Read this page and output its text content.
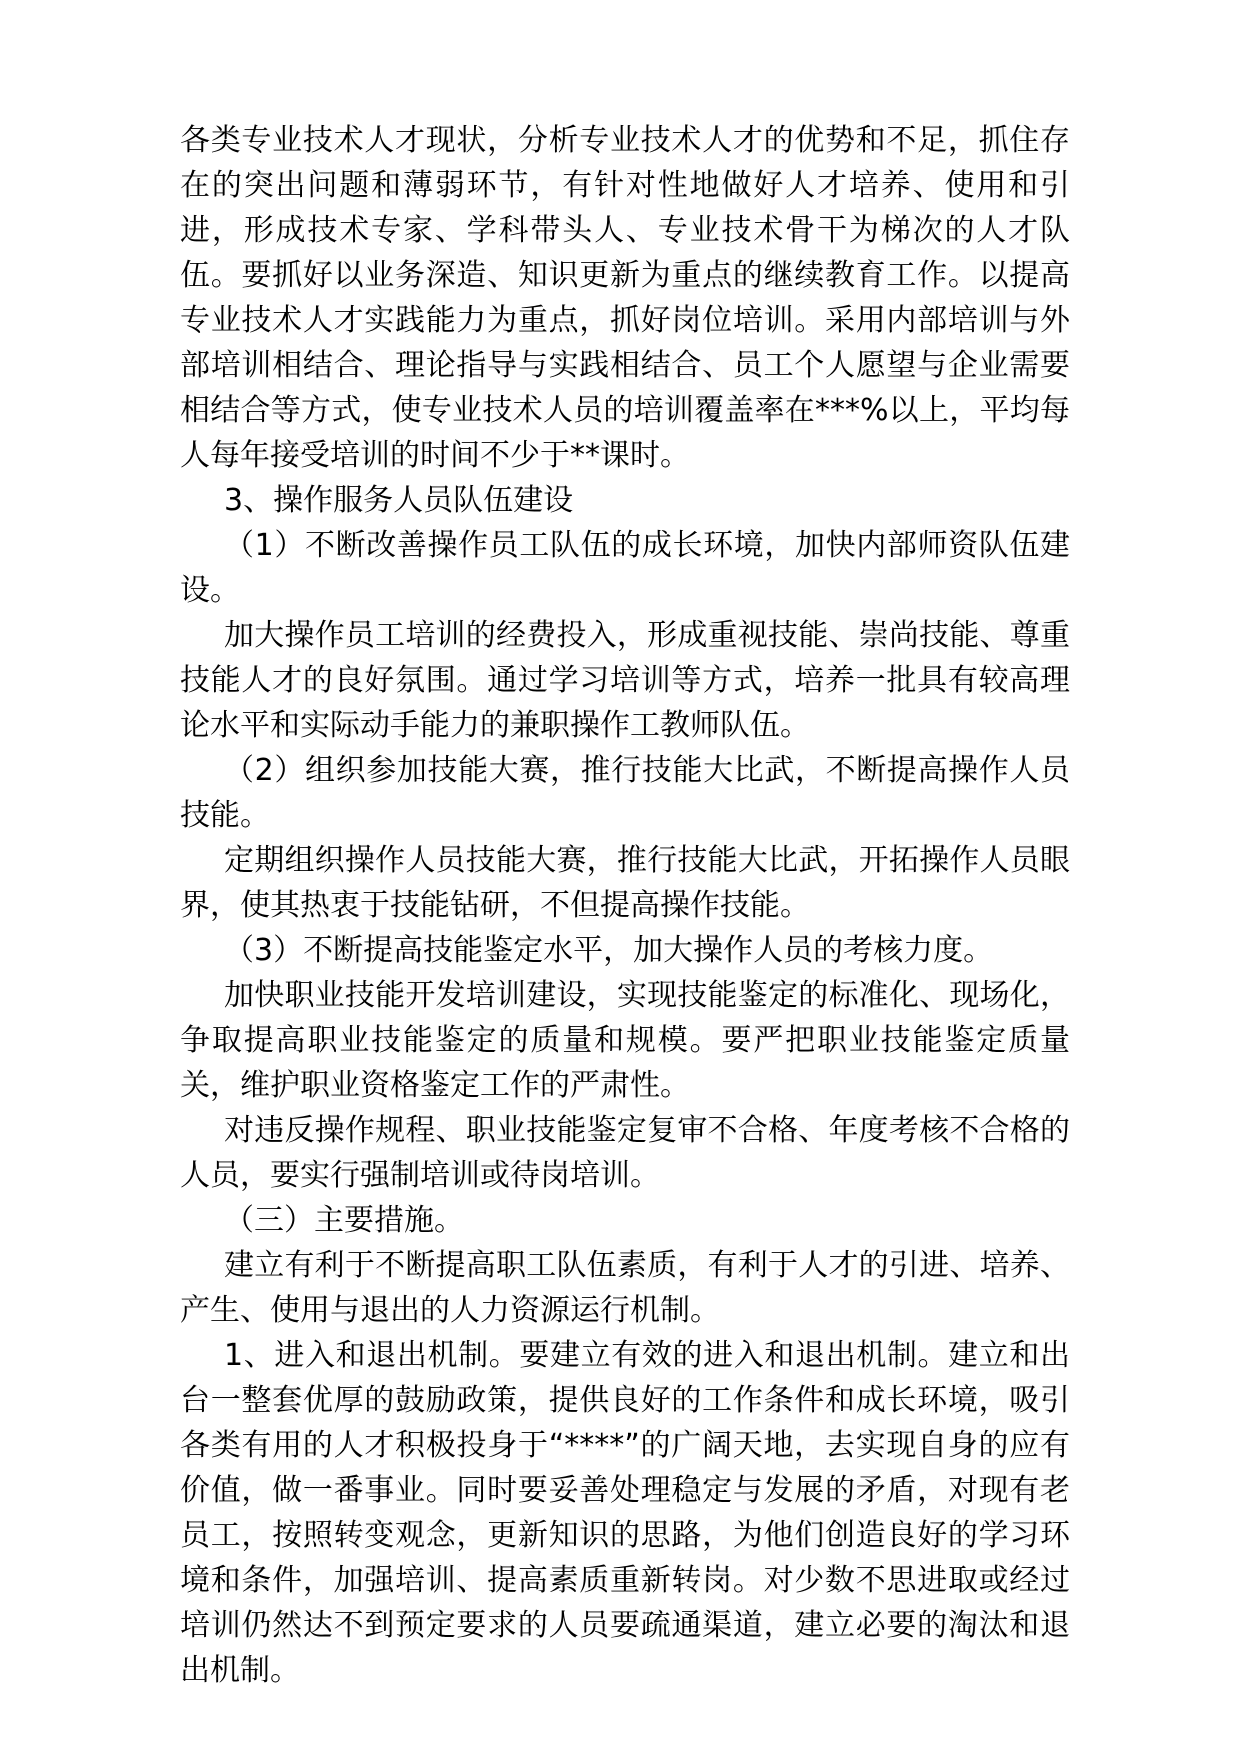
各类专业技术人才现状，分析专业技术人才的优势和不足，抓住存在的突出问题和薄弱环节，有针对性地做好人才培养、使用和引进，形成技术专家、学科带头人、专业技术骨干为梯次的人才队伍。要抓好以业务深造、知识更新为重点的继续教育工作。以提高专业技术人才实践能力为重点，抓好岗位培训。采用内部培训与外部培训相结合、理论指导与实践相结合、员工个人愿望与企业需要相结合等方式，使专业技术人员的培训覆盖率在***%以上，平均每人每年接受培训的时间不少于**课时。

3、操作服务人员队伍建设

（1）不断改善操作员工队伍的成长环境，加快内部师资队伍建设。

加大操作员工培训的经费投入，形成重视技能、崇尚技能、尊重技能人才的良好氛围。通过学习培训等方式，培养一批具有较高理论水平和实际动手能力的兼职操作工教师队伍。

（2）组织参加技能大赛，推行技能大比武，不断提高操作人员技能。

定期组织操作人员技能大赛，推行技能大比武，开拓操作人员眼界，使其热衷于技能钻研，不但提高操作技能。

（3）不断提高技能鉴定水平，加大操作人员的考核力度。

加快职业技能开发培训建设，实现技能鉴定的标准化、现场化，争取提高职业技能鉴定的质量和规模。要严把职业技能鉴定质量关，维护职业资格鉴定工作的严肃性。

对违反操作规程、职业技能鉴定复审不合格、年度考核不合格的人员，要实行强制培训或待岗培训。

（三）主要措施。

建立有利于不断提高职工队伍素质，有利于人才的引进、培养、产生、使用与退出的人力资源运行机制。

1、进入和退出机制。要建立有效的进入和退出机制。建立和出台一整套优厚的鼓励政策，提供良好的工作条件和成长环境，吸引各类有用的人才积极投身于“****”的广阔天地，去实现自身的应有价值，做一番事业。同时要妥善处理稳定与发展的矛盾，对现有老员工，按照转变观念，更新知识的思路，为他们创造良好的学习环境和条件，加强培训、提高素质重新转岗。对少数不思进取或经过培训仍然达不到预定要求的人员要疏通渠道，建立必要的淘汰和退出机制。
